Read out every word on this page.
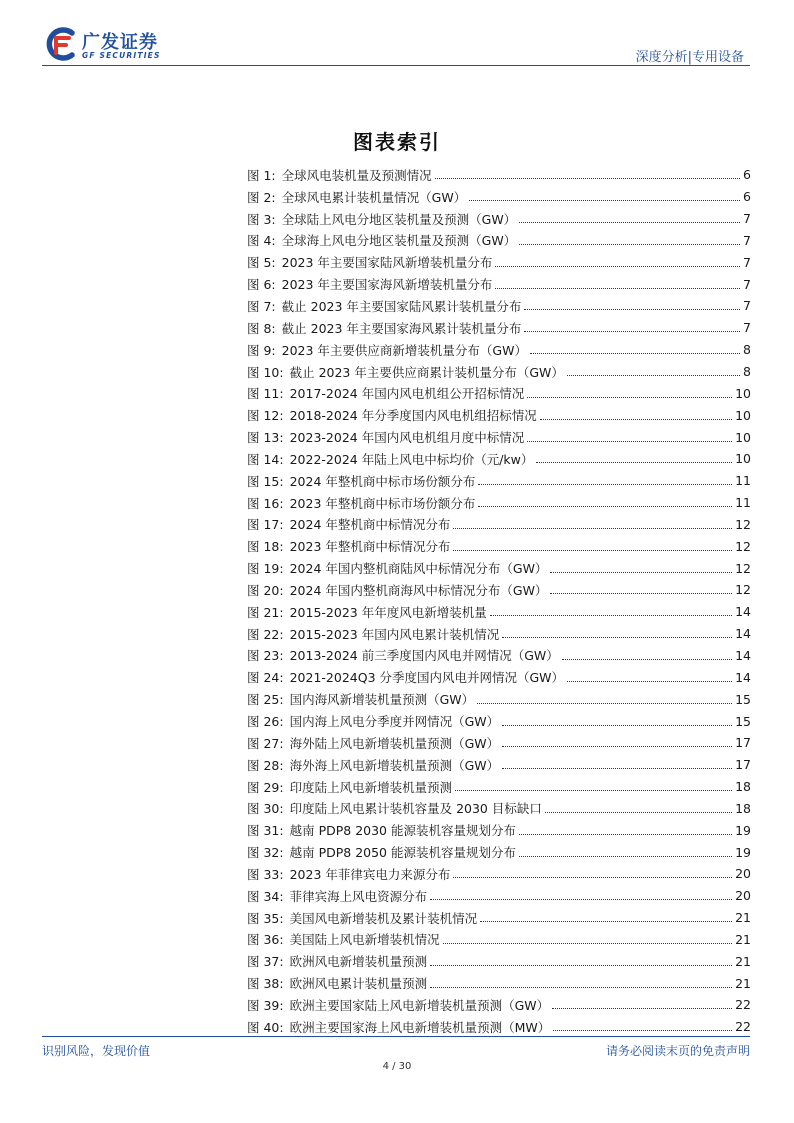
广发证券
GF SECURITIES	深度分析|专用设备
图表索引
图 1: 全球风电装机量及预测情况	6
图 2: 全球风电累计装机量情况（GW）	6
图 3: 全球陆上风电分地区装机量及预测（GW）	7
图 4: 全球海上风电分地区装机量及预测（GW）	7
图 5: 2023 年主要国家陆风新增装机量分布	7
图 6: 2023 年主要国家海风新增装机量分布	7
图 7: 截止 2023 年主要国家陆风累计装机量分布	7
图 8: 截止 2023 年主要国家海风累计装机量分布	7
图 9: 2023 年主要供应商新增装机量分布（GW）	8
图 10: 截止 2023 年主要供应商累计装机量分布（GW）	8
图 11: 2017-2024 年国内风电机组公开招标情况	10
图 12: 2018-2024 年分季度国内风电机组招标情况	10
图 13: 2023-2024 年国内风电机组月度中标情况	10
图 14: 2022-2024 年陆上风电中标均价（元/kw）	10
图 15: 2024 年整机商中标市场份额分布	11
图 16: 2023 年整机商中标市场份额分布	11
图 17: 2024 年整机商中标情况分布	12
图 18: 2023 年整机商中标情况分布	12
图 19: 2024 年国内整机商陆风中标情况分布（GW）	12
图 20: 2024 年国内整机商海风中标情况分布（GW）	12
图 21: 2015-2023 年年度风电新增装机量	14
图 22: 2015-2023 年国内风电累计装机情况	14
图 23: 2013-2024 前三季度国内风电并网情况（GW）	14
图 24: 2021-2024Q3 分季度国内风电并网情况（GW）	14
图 25: 国内海风新增装机量预测（GW）	15
图 26: 国内海上风电分季度并网情况（GW）	15
图 27: 海外陆上风电新增装机量预测（GW）	17
图 28: 海外海上风电新增装机量预测（GW）	17
图 29: 印度陆上风电新增装机量预测	18
图 30: 印度陆上风电累计装机容量及 2030 目标缺口	18
图 31: 越南 PDP8 2030 能源装机容量规划分布	19
图 32: 越南 PDP8 2050 能源装机容量规划分布	19
图 33: 2023 年菲律宾电力来源分布	20
图 34: 菲律宾海上风电资源分布	20
图 35: 美国风电新增装机及累计装机情况	21
图 36: 美国陆上风电新增装机情况	21
图 37: 欧洲风电新增装机量预测	21
图 38: 欧洲风电累计装机量预测	21
图 39: 欧洲主要国家陆上风电新增装机量预测（GW）	22
图 40: 欧洲主要国家海上风电新增装机量预测（MW）	22
识别风险，发现价值	请务必阅读末页的免责声明
4 / 30
